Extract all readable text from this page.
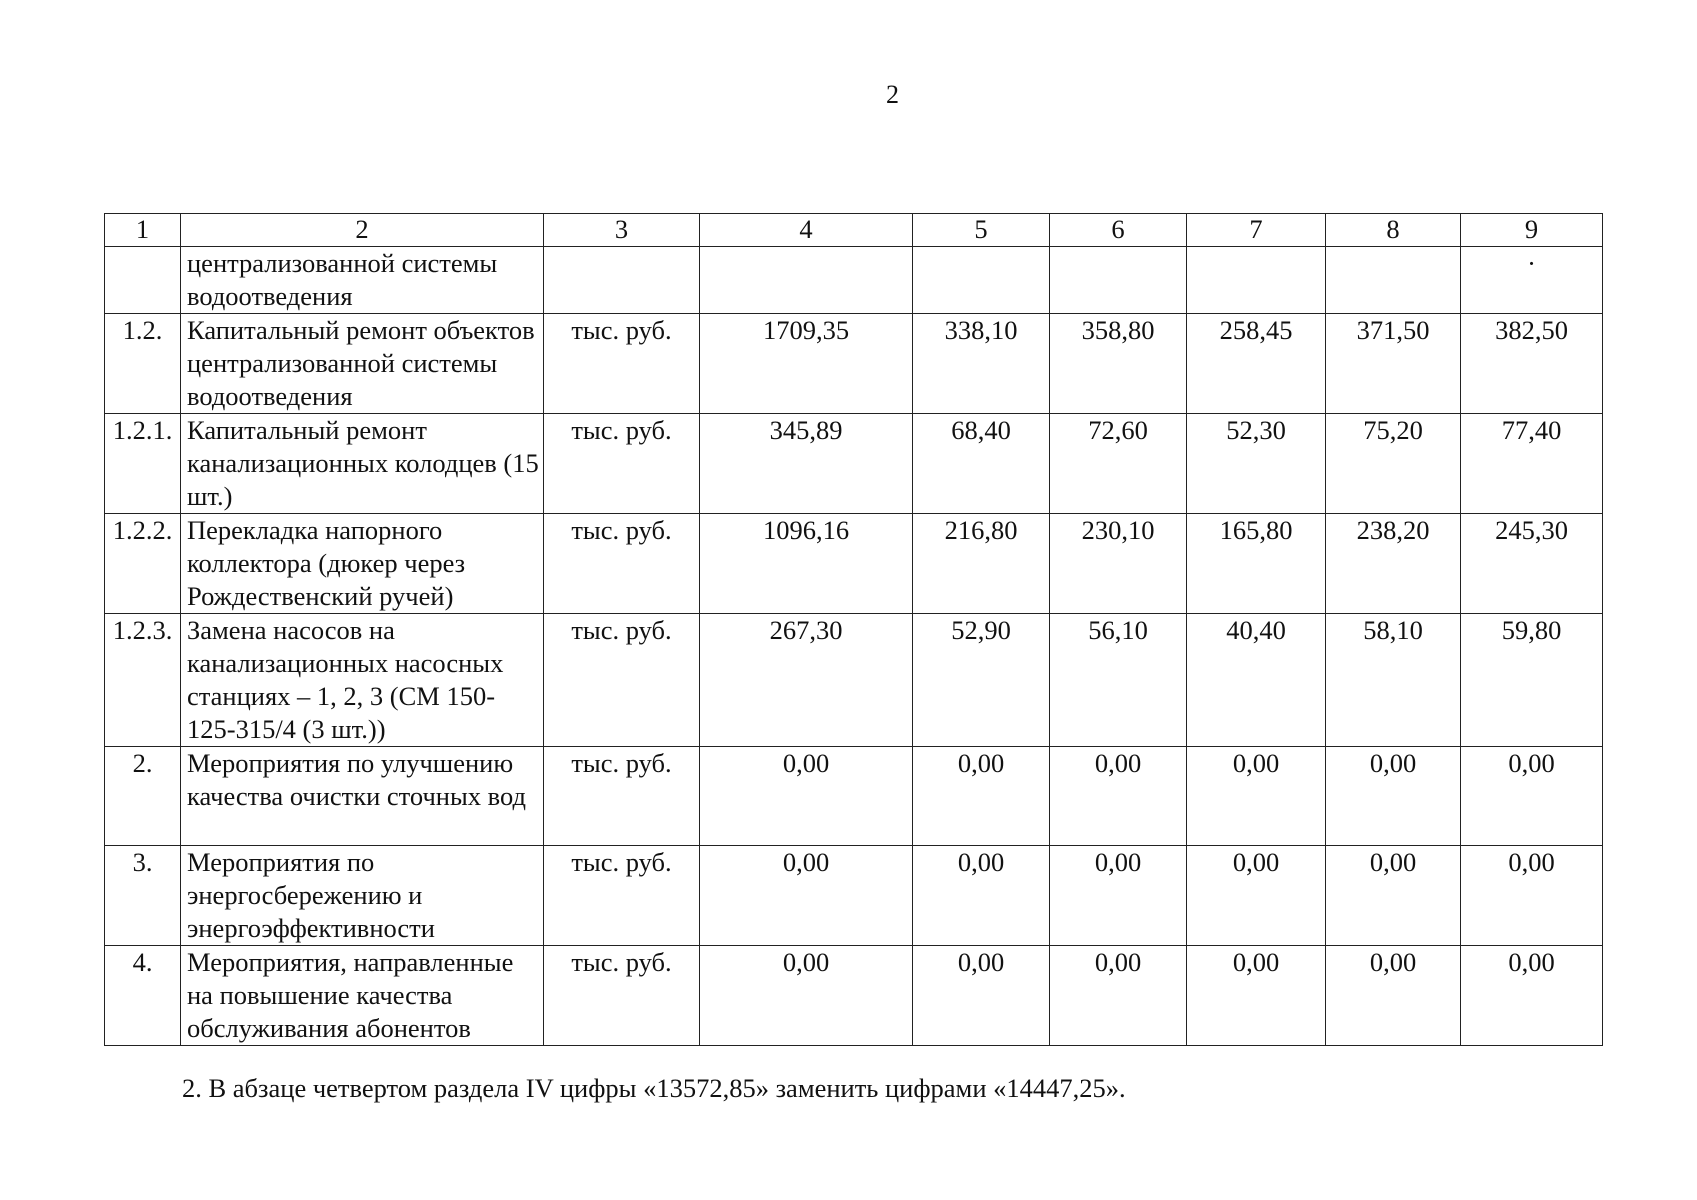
2
1	2	3	4	5	6	7	8	9
	централизованной системы водоотведения							·
1.2.	Капитальный ремонт объектов централизованной системы водоотведения	тыс. руб.	1709,35	338,10	358,80	258,45	371,50	382,50
1.2.1.	Капитальный ремонт канализационных колодцев (15 шт.)	тыс. руб.	345,89	68,40	72,60	52,30	75,20	77,40
1.2.2.	Перекладка напорного коллектора (дюкер через Рождественский ручей)	тыс. руб.	1096,16	216,80	230,10	165,80	238,20	245,30
1.2.3.	Замена насосов на канализационных насосных станциях – 1, 2, 3 (СМ 150-125-315/4 (3 шт.))	тыс. руб.	267,30	52,90	56,10	40,40	58,10	59,80
2.	Мероприятия по улучшению качества очистки сточных вод	тыс. руб.	0,00	0,00	0,00	0,00	0,00	0,00
3.	Мероприятия по энергосбережению и энергоэффективности	тыс. руб.	0,00	0,00	0,00	0,00	0,00	0,00
4.	Мероприятия, направленные на повышение качества обслуживания абонентов	тыс. руб.	0,00	0,00	0,00	0,00	0,00	0,00
2. В абзаце четвертом раздела IV цифры «13572,85» заменить цифрами «14447,25».
